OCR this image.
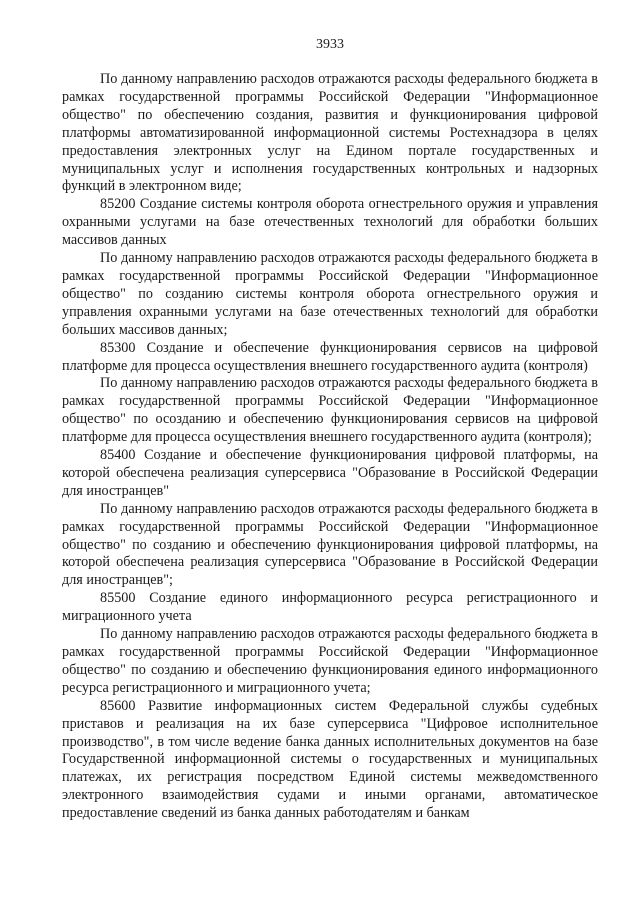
3933

По данному направлению расходов отражаются расходы федерального бюджета в рамках государственной программы Российской Федерации "Информационное общество" по обеспечению создания, развития и функционирования цифровой платформы автоматизированной информационной системы Ростехнадзора в целях предоставления электронных услуг на Едином портале государственных и муниципальных услуг и исполнения государственных контрольных и надзорных функций в электронном виде;

85200 Создание системы контроля оборота огнестрельного оружия и управления охранными услугами на базе отечественных технологий для обработки больших массивов данных

По данному направлению расходов отражаются расходы федерального бюджета в рамках государственной программы Российской Федерации "Информационное общество" по созданию системы контроля оборота огнестрельного оружия и управления охранными услугами на базе отечественных технологий для обработки больших массивов данных;

85300 Создание и обеспечение функционирования сервисов на цифровой платформе для процесса осуществления внешнего государственного аудита (контроля)

По данному направлению расходов отражаются расходы федерального бюджета в рамках государственной программы Российской Федерации "Информационное общество" по осозданию и обеспечению функционирования сервисов на цифровой платформе для процесса осуществления внешнего государственного аудита (контроля);

85400 Создание и обеспечение функционирования цифровой платформы, на которой обеспечена реализация суперсервиса "Образование в Российской Федерации для иностранцев"

По данному направлению расходов отражаются расходы федерального бюджета в рамках государственной программы Российской Федерации "Информационное общество" по созданию и обеспечению функционирования цифровой платформы, на которой обеспечена реализация суперсервиса "Образование в Российской Федерации для иностранцев";

85500 Создание единого информационного ресурса регистрационного и миграционного учета

По данному направлению расходов отражаются расходы федерального бюджета в рамках государственной программы Российской Федерации "Информационное общество" по созданию и обеспечению функционирования единого информационного ресурса регистрационного и миграционного учета;

85600 Развитие информационных систем Федеральной службы судебных приставов и реализация на их базе суперсервиса "Цифровое исполнительное производство", в том числе ведение банка данных исполнительных документов на базе Государственной информационной системы о государственных и муниципальных платежах, их регистрация посредством Единой системы межведомственного электронного взаимодействия судами и иными органами, автоматическое предоставление сведений из банка данных работодателям и банкам
